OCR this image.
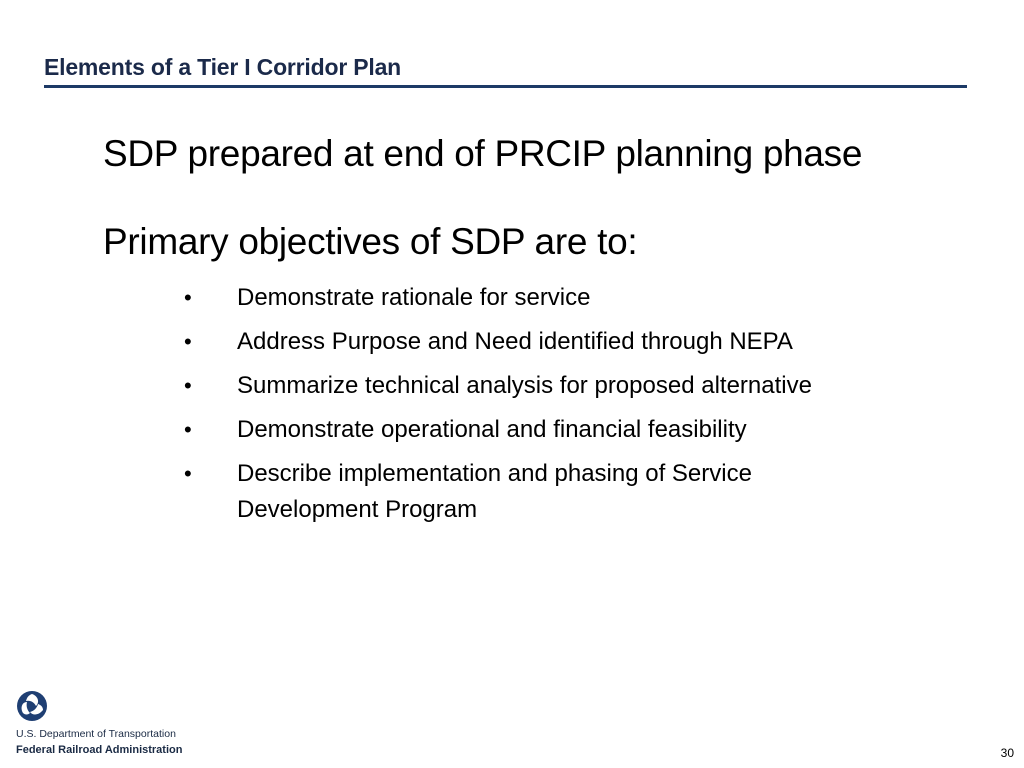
Elements of a Tier I Corridor Plan
SDP prepared at end of PRCIP planning phase
Primary objectives of SDP are to:
• Demonstrate rationale for service
• Address Purpose and Need identified through NEPA
• Summarize technical analysis for proposed alternative
• Demonstrate operational and financial feasibility
• Describe implementation and phasing of Service Development Program
U.S. Department of Transportation
Federal Railroad Administration	30
